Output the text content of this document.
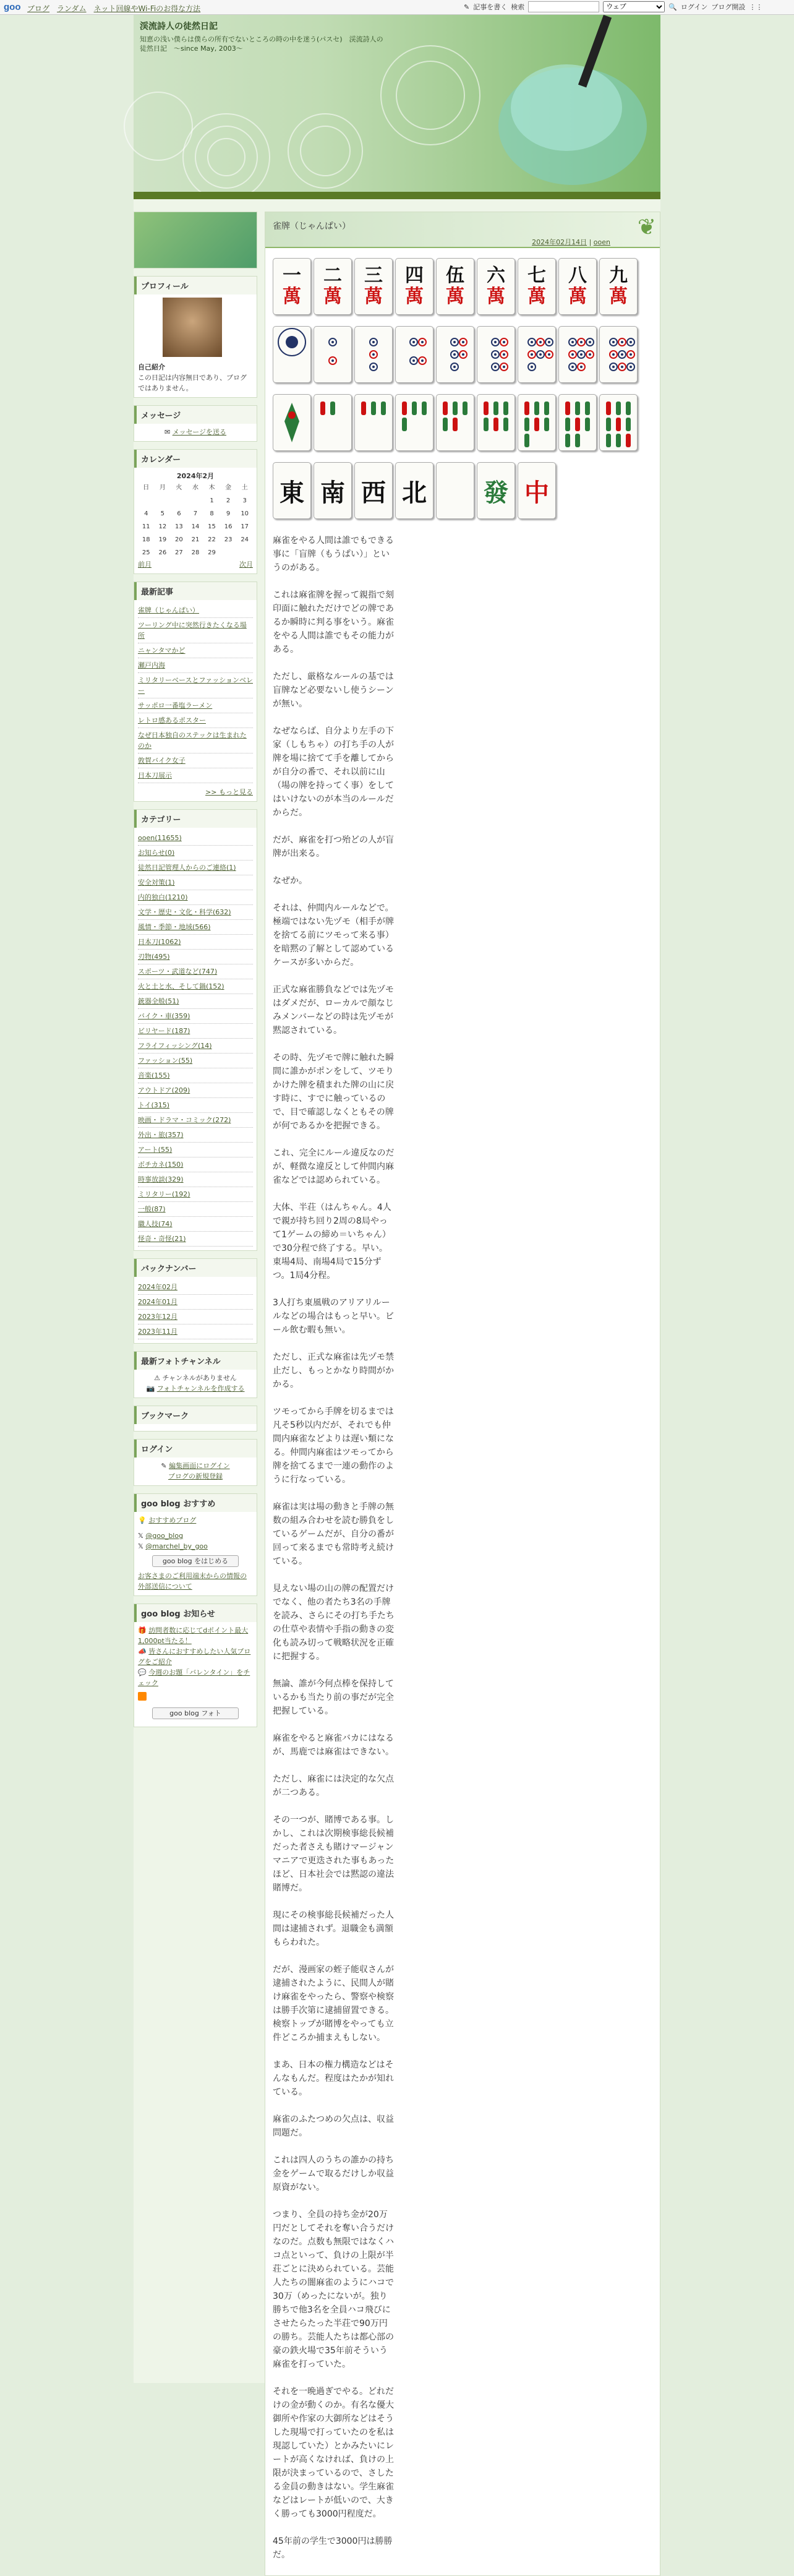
goo ブログ ランダム ネット回線やWi-Fiのお得な方法	✎ 記事を書く 検索
ウェブ	🔍 ログイン ブログ開設 ⋮⋮
渓流詩人の徒然日記
知恵の浅い僕らは僕らの所有でないところの時の中を迷う(パスセ)　渓流詩人の徒然日記　～since May, 2003～
プロフィール
自己紹介
この日記は内容無日であり、ブログではありません。
メッセージ
✉ メッセージを送る
カレンダー
2024年2月
日	月	火	水	木	金	土
				1	2	3
4	5	6	7	8	9	10
11	12	13	14	15	16	17
18	19	20	21	22	23	24
25	26	27	28	29		
前月	次月
最新記事
雀牌（じゃんぱい）
ツーリング中に突然行きたくなる場所
ニャンタマかど
瀬戸内海
ミリタリーベースとファッションベレー
サッポロ一番塩ラーメン
レトロ感あるポスター
なぜ日本独自のステックは生まれたのか
敦賀バイク女子
日本刀展示
>> もっと見る
カテゴリー
ooen(11655)
お知らせ(0)
徒然日記管理人からのご連絡(1)
安全対策(1)
内的独白(1210)
文学・歴史・文化・科学(632)
風情・季節・地域(566)
日本刀(1062)
刃物(495)
スポーツ・武道など(747)
火と土と水、そして鍋(152)
銃器全般(51)
バイク・車(359)
ビリヤード(187)
フライフィッシング(14)
ファッション(55)
音楽(155)
アウトドア(209)
トイ(315)
映画・ドラマ・コミック(272)
外出・旅(357)
アート(55)
ボチカネ(150)
時事放談(329)
ミリタリー(192)
一般(87)
職人技(74)
怪奇・奇怪(21)
バックナンバー
2024年02月
2024年01月
2023年12月
2023年11月
最新フォトチャンネル
⚠ チャンネルがありません
📷 フォトチャンネルを作成する
ブックマーク
ログイン
✎ 編集画面にログイン
ブログの新規登録
goo blog おすすめ
💡 おすすめブログ
𝕏 @goo_blog
𝕏 @marchel_by_goo
goo blog をはじめる
お客さまのご利用端末からの情報の外部送信について
goo blog お知らせ
🎁 訪問者数に応じてdポイント最大1,000pt当たる！
📣 皆さんにおすすめしたい人気ブログをご紹介
💬 今週のお題「バレンタイン」をチェック
goo blog フォト
雀牌（じゃんぱい）
2024年02月14日 | ooen
❦
一
萬
二
萬
三
萬
四
萬
伍
萬
六
萬
七
萬
八
萬
九
萬
東 南 西 北 發 中

麻雀をやる人間は誰でもできる事に「盲牌（もうぱい）」というのがある。

これは麻雀牌を握って親指で刻印面に触れただけでどの牌であるか瞬時に判る事をいう。麻雀をやる人間は誰でもその能力がある。

ただし、厳格なルールの基では盲牌など必要ないし使うシーンが無い。

なぜならば、自分より左手の下家（しもちゃ）の打ち手の人が牌を場に捨てて手を離してからが自分の番で、それ以前に山（場の牌を持ってく事）をしてはいけないのが本当のルールだからだ。

だが、麻雀を打つ殆どの人が盲牌が出来る。

なぜか。

それは、仲間内ルールなどで。極端ではない先ヅモ（相手が牌を捨てる前にツモって来る事）を暗黙の了解として認めているケースが多いからだ。

正式な麻雀勝負などでは先ヅモはダメだが、ローカルで顔なじみメンバーなどの時は先ヅモが黙認されている。

その時、先ヅモで牌に触れた瞬間に誰かがポンをして、ツモりかけた牌を積まれた牌の山に戻す時に、すでに触っているので、目で確認しなくともその牌が何であるかを把握できる。

これ、完全にルール違反なのだが、軽微な違反として仲間内麻雀などでは認められている。

大体、半荘（はんちゃん。4人で親が持ち回り2周の8局やって1ゲームの締め＝いちゃん）で30分程で終了する。早い。東場4局、南場4局で15分ずつ。1局4分程。

3人打ち東風戦のアリアリルールなどの場合はもっと早い。ビール飲む暇も無い。

ただし、正式な麻雀は先ヅモ禁止だし、もっとかなり時間がかかる。

ツモってから手牌を切るまでは凡そ5秒以内だが、それでも仲間内麻雀などよりは遅い類になる。仲間内麻雀はツモってから牌を捨てるまで一連の動作のように行なっている。

麻雀は実は場の動きと手牌の無数の組み合わせを読む勝負をしているゲームだが、自分の番が回って来るまでも常時考え続けている。

見えない場の山の牌の配置だけでなく、他の者たち3名の手牌を読み、さらにその打ち手たちの仕草や表情や手指の動きの変化も読み切って戦略状況を正確に把握する。

無論、誰が今何点棒を保持しているかも当たり前の事だが完全把握している。

麻雀をやると麻雀バカにはなるが、馬鹿では麻雀はできない。

ただし、麻雀には決定的な欠点が二つある。

その一つが、賭博である事。しかし、これは次期検事総長候補だった者さえも賭けマージャンマニアで更迭された事もあったほど、日本社会では黙認の違法賭博だ。

現にその検事総長候補だった人間は逮捕されず。退職金も満額もらわれた。

だが、漫画家の蛭子能収さんが逮捕されたように、民間人が賭け麻雀をやったら、警察や検察は勝手次第に逮捕留置できる。検察トップが賭博をやっても立件どころか捕まえもしない。

まあ、日本の権力構造などはそんなもんだ。程度はたかが知れている。

麻雀のふたつめの欠点は、収益問題だ。

これは四人のうちの誰かの持ち金をゲームで取るだけしか収益原資がない。

つまり、全員の持ち金が20万円だとしてそれを奪い合うだけなのだ。点数も無限ではなくハコ点といって、負けの上限が半荘ごとに決められている。芸能人たちの闇麻雀のようにハコで30万（めったにないが。独り勝ちで他3名を全員ハコ飛びにさせたらたった半荘で90万円の勝ち。芸能人たちは都心部の豪の鉄火場で35年前そういう麻雀を打っていた。

それを一晩過ぎでやる。どれだけの金が動くのか。有名な優大御所や作家の大御所などはそうした現場で打っていたのを私は現認していた）とかみたいにレートが高くなければ、負けの上限が決まっているので、さしたる金員の動きはない。学生麻雀などはレートが低いので、大きく勝っても3000円程度だ。

45年前の学生で3000円は勝勝だ。
